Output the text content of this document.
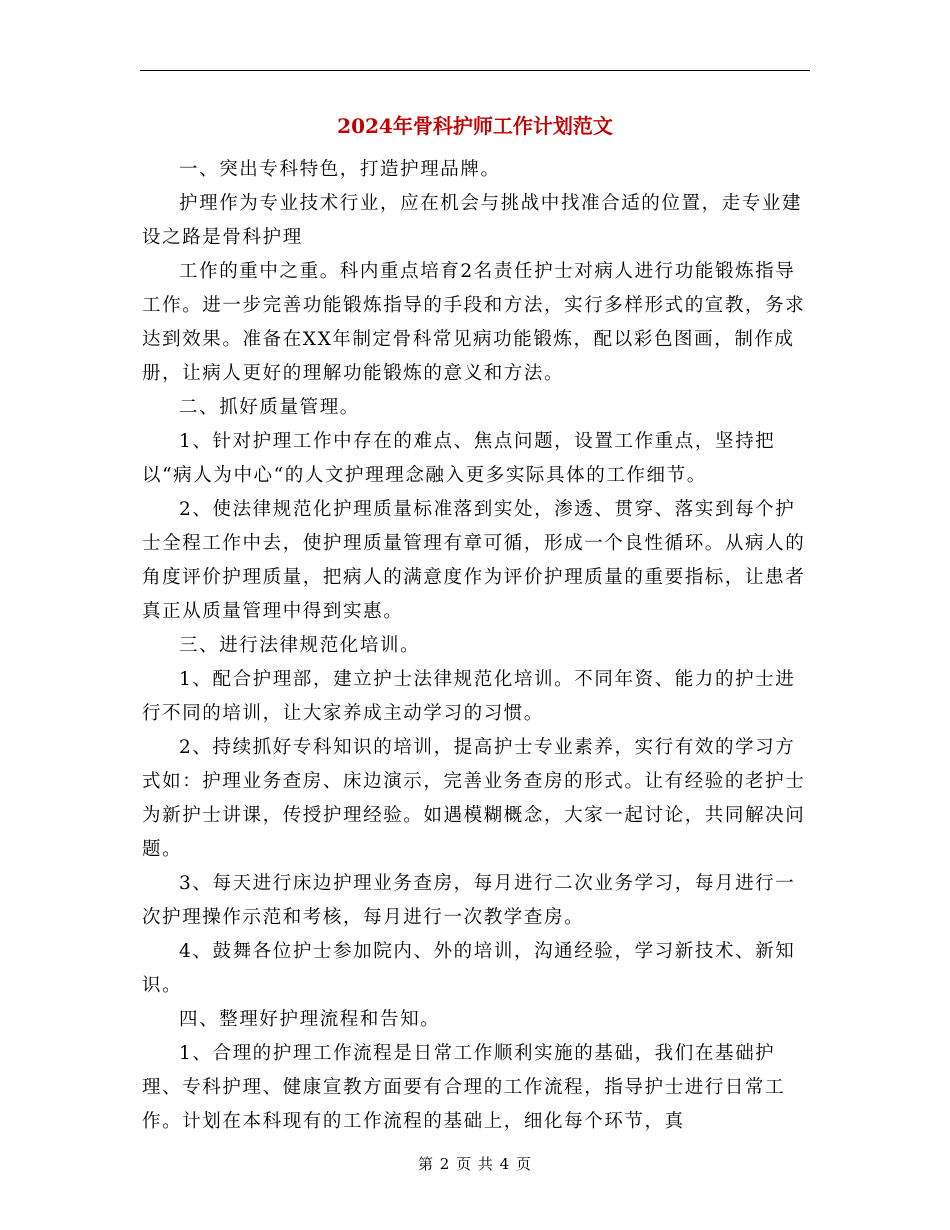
2024年骨科护师工作计划范文

一、突出专科特色，打造护理品牌。

护理作为专业技术行业，应在机会与挑战中找准合适的位置，走专业建设之路是骨科护理

工作的重中之重。科内重点培育2名责任护士对病人进行功能锻炼指导工作。进一步完善功能锻炼指导的手段和方法，实行多样形式的宣教，务求达到效果。准备在XX年制定骨科常见病功能锻炼，配以彩色图画，制作成册，让病人更好的理解功能锻炼的意义和方法。

二、抓好质量管理。

1、针对护理工作中存在的难点、焦点问题，设置工作重点，坚持把以“病人为中心“的人文护理理念融入更多实际具体的工作细节。

2、使法律规范化护理质量标准落到实处，渗透、贯穿、落实到每个护士全程工作中去，使护理质量管理有章可循，形成一个良性循环。从病人的角度评价护理质量，把病人的满意度作为评价护理质量的重要指标，让患者真正从质量管理中得到实惠。

三、进行法律规范化培训。

1、配合护理部，建立护士法律规范化培训。不同年资、能力的护士进行不同的培训，让大家养成主动学习的习惯。

2、持续抓好专科知识的培训，提高护士专业素养，实行有效的学习方式如：护理业务查房、床边演示，完善业务查房的形式。让有经验的老护士为新护士讲课，传授护理经验。如遇模糊概念，大家一起讨论，共同解决问题。

3、每天进行床边护理业务查房，每月进行二次业务学习，每月进行一次护理操作示范和考核，每月进行一次教学查房。

4、鼓舞各位护士参加院内、外的培训，沟通经验，学习新技术、新知识。

四、整理好护理流程和告知。

1、合理的护理工作流程是日常工作顺利实施的基础，我们在基础护理、专科护理、健康宣教方面要有合理的工作流程，指导护士进行日常工作。计划在本科现有的工作流程的基础上，细化每个环节，真

第 2 页 共 4 页
